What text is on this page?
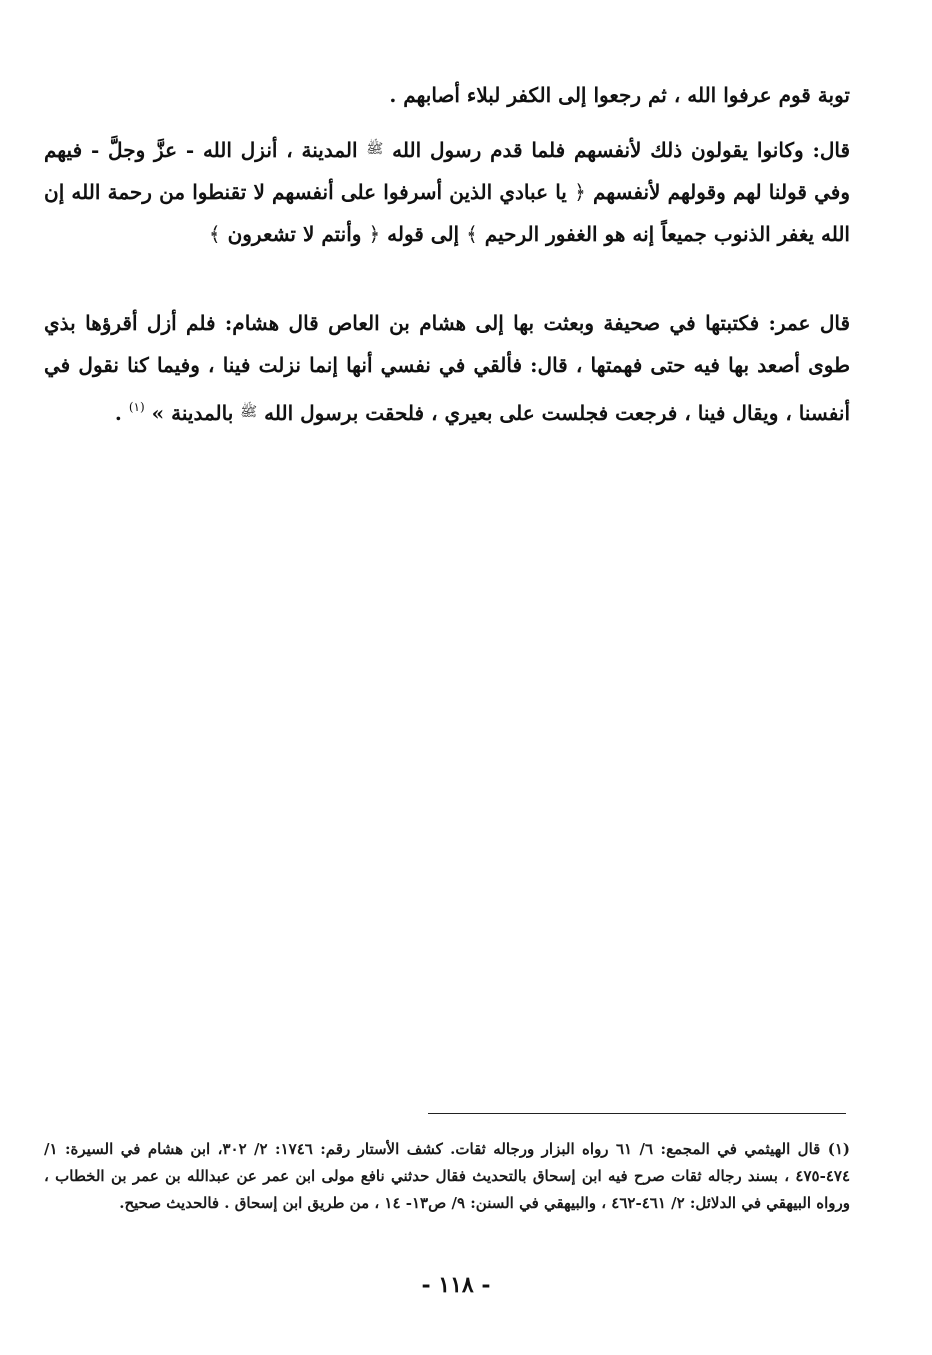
توبة قوم عرفوا الله ، ثم رجعوا إلى الكفر لبلاء أصابهم .

قال: وكانوا يقولون ذلك لأنفسهم فلما قدم رسول الله $^ﷺ$ المدينة ، أنزل الله - عزَّ وجلَّ - فيهم وفي قولنا لهم وقولهم لأنفسهم ﴿ يا عبادي الذين أسرفوا على أنفسهم لا تقنطوا من رحمة الله إن الله يغفر الذنوب جميعاً إنه هو الغفور الرحيم ﴾ إلى قوله ﴿ وأنتم لا تشعرون ﴾

قال عمر: فكتبتها في صحيفة وبعثت بها إلى هشام بن العاص قال هشام: فلم أزل أقرؤها بذي طوى أصعد بها فيه حتى فهمتها ، قال: فألقي في نفسي أنها إنما نزلت فينا ، وفيما كنا نقول في أنفسنا ، ويقال فينا ، فرجعت فجلست على بعيري ، فلحقت برسول الله $^ﷺ$ بالمدينة » $^{(١)}$ .

(١) قال الهيثمي في المجمع: ٦/ ٦١ رواه البزار ورجاله ثقات. كشف الأستار رقم: ١٧٤٦: ٢/ ٣٠٢، ابن هشام في السيرة: ١/ ٤٧٤-٤٧٥ ، بسند رجاله ثقات صرح فيه ابن إسحاق بالتحديث فقال حدثني نافع مولى ابن عمر عن عبدالله بن عمر بن الخطاب ، ورواه البيهقي في الدلائل: ٢/ ٤٦١-٤٦٢ ، والبيهقي في السنن: ٩/ ص١٣- ١٤ ، من طريق ابن إسحاق . فالحديث صحيح.

- ١١٨ -
